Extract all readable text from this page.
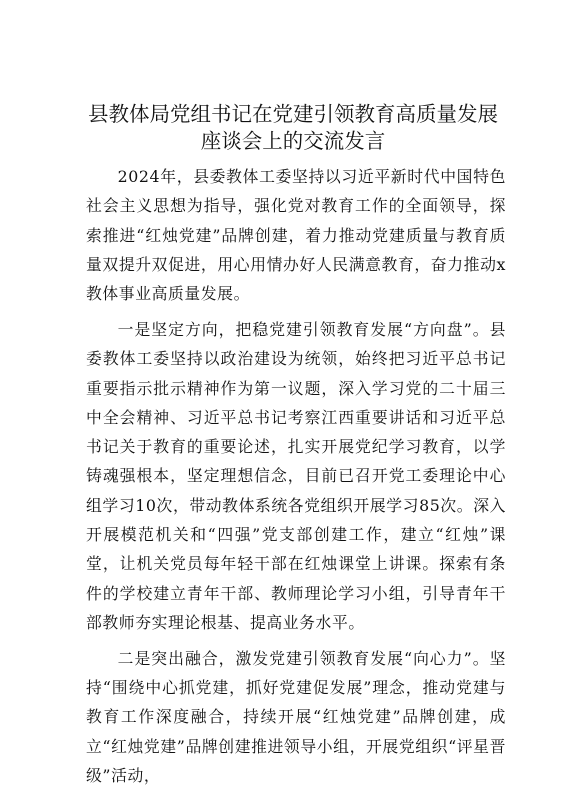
县教体局党组书记在党建引领教育高质量发展
座谈会上的交流发言

2024年，县委教体工委坚持以习近平新时代中国特色社会主义思想为指导，强化党对教育工作的全面领导，探索推进“红烛党建”品牌创建，着力推动党建质量与教育质量双提升双促进，用心用情办好人民满意教育，奋力推动x教体事业高质量发展。

一是坚定方向，把稳党建引领教育发展“方向盘”。县委教体工委坚持以政治建设为统领，始终把习近平总书记重要指示批示精神作为第一议题，深入学习党的二十届三中全会精神、习近平总书记考察江西重要讲话和习近平总书记关于教育的重要论述，扎实开展党纪学习教育，以学铸魂强根本，坚定理想信念，目前已召开党工委理论中心组学习10次，带动教体系统各党组织开展学习85次。深入开展模范机关和“四强”党支部创建工作，建立“红烛”课堂，让机关党员每年轻干部在红烛课堂上讲课。探索有条件的学校建立青年干部、教师理论学习小组，引导青年干部教师夯实理论根基、提高业务水平。

二是突出融合，激发党建引领教育发展“向心力”。坚持“围绕中心抓党建，抓好党建促发展”理念，推动党建与教育工作深度融合，持续开展“红烛党建”品牌创建，成立“红烛党建”品牌创建推进领导小组，开展党组织“评星晋级”活动，
